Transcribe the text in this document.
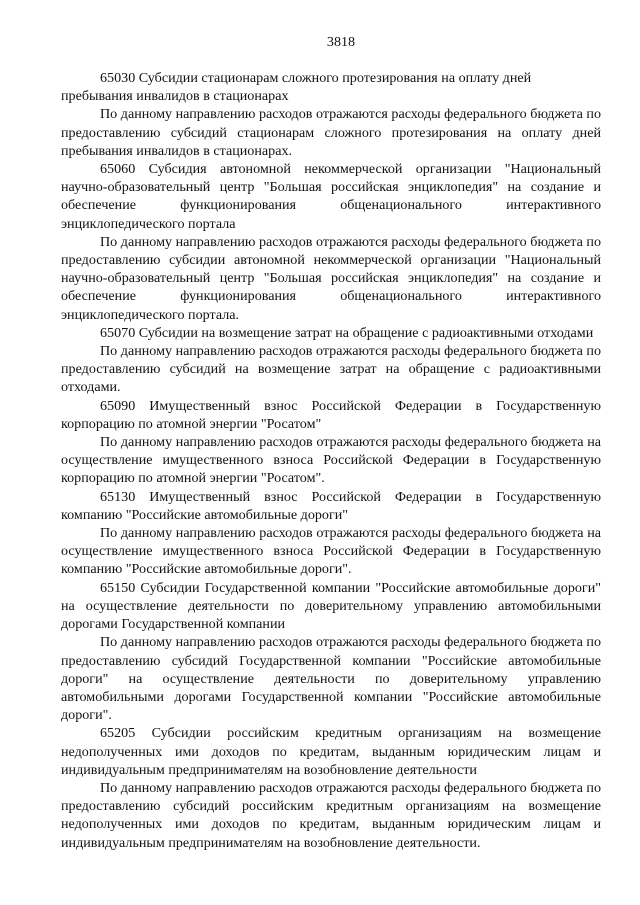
3818

65030 Субсидии стационарам сложного протезирования на оплату дней пребывания инвалидов в стационарах

По данному направлению расходов отражаются расходы федерального бюджета по предоставлению субсидий стационарам сложного протезирования на оплату дней пребывания инвалидов в стационарах.

65060 Субсидия автономной некоммерческой организации "Национальный научно-образовательный центр "Большая российская энциклопедия" на создание и обеспечение функционирования общенационального интерактивного энциклопедического портала

По данному направлению расходов отражаются расходы федерального бюджета по предоставлению субсидии автономной некоммерческой организации "Национальный научно-образовательный центр "Большая российская энциклопедия" на создание и обеспечение функционирования общенационального интерактивного энциклопедического портала.

65070 Субсидии на возмещение затрат на обращение с радиоактивными отходами

По данному направлению расходов отражаются расходы федерального бюджета по предоставлению субсидий на возмещение затрат на обращение с радиоактивными отходами.

65090 Имущественный взнос Российской Федерации в Государственную корпорацию по атомной энергии "Росатом"

По данному направлению расходов отражаются расходы федерального бюджета на осуществление имущественного взноса Российской Федерации в Государственную корпорацию по атомной энергии "Росатом".

65130 Имущественный взнос Российской Федерации в Государственную компанию "Российские автомобильные дороги"

По данному направлению расходов отражаются расходы федерального бюджета на осуществление имущественного взноса Российской Федерации в Государственную компанию "Российские автомобильные дороги".

65150 Субсидии Государственной компании "Российские автомобильные дороги" на осуществление деятельности по доверительному управлению автомобильными дорогами Государственной компании

По данному направлению расходов отражаются расходы федерального бюджета по предоставлению субсидий Государственной компании "Российские автомобильные дороги" на осуществление деятельности по доверительному управлению автомобильными дорогами Государственной компании "Российские автомобильные дороги".

65205 Субсидии российским кредитным организациям на возмещение недополученных ими доходов по кредитам, выданным юридическим лицам и индивидуальным предпринимателям на возобновление деятельности

По данному направлению расходов отражаются расходы федерального бюджета по предоставлению субсидий российским кредитным организациям на возмещение недополученных ими доходов по кредитам, выданным юридическим лицам и индивидуальным предпринимателям на возобновление деятельности.
